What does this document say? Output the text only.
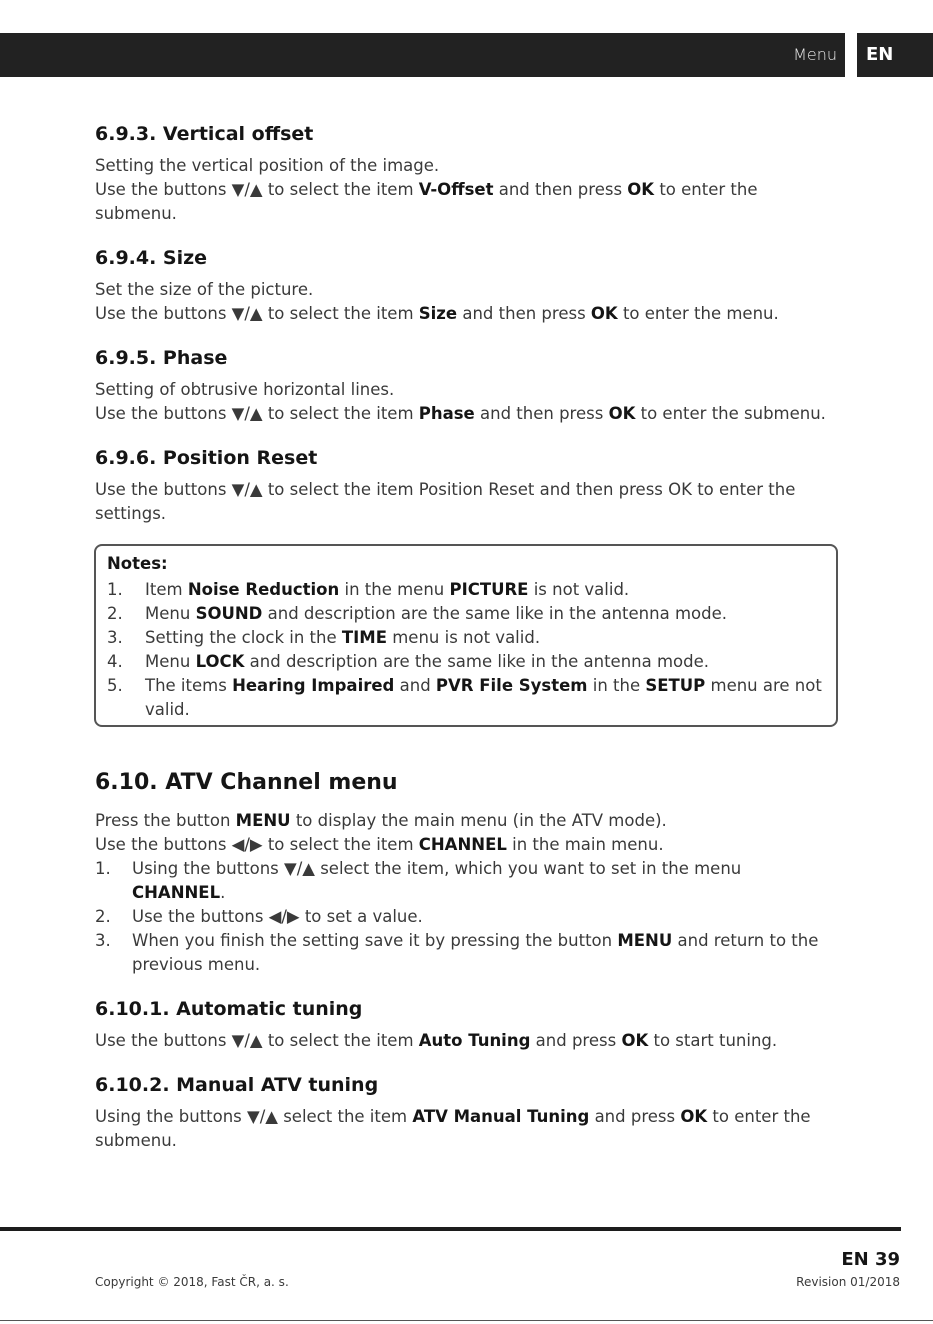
Menu EN
6.9.3. Vertical offset
Setting the vertical position of the image.
Use the buttons ▼/▲ to select the item V-Offset and then press OK to enter the
submenu.
6.9.4. Size
Set the size of the picture.
Use the buttons ▼/▲ to select the item Size and then press OK to enter the menu.
6.9.5. Phase
Setting of obtrusive horizontal lines.
Use the buttons ▼/▲ to select the item Phase and then press OK to enter the submenu.
6.9.6. Position Reset
Use the buttons ▼/▲ to select the item Position Reset and then press OK to enter the
settings.
Notes:
1. Item Noise Reduction in the menu PICTURE is not valid.
2. Menu SOUND and description are the same like in the antenna mode.
3. Setting the clock in the TIME menu is not valid.
4. Menu LOCK and description are the same like in the antenna mode.
5. The items Hearing Impaired and PVR File System in the SETUP menu are not
valid.
6.10. ATV Channel menu
Press the button MENU to display the main menu (in the ATV mode).
Use the buttons ◀/▶ to select the item CHANNEL in the main menu.
1. Using the buttons ▼/▲ select the item, which you want to set in the menu
CHANNEL.
2. Use the buttons ◀/▶ to set a value.
3. When you finish the setting save it by pressing the button MENU and return to the
previous menu.
6.10.1. Automatic tuning
Use the buttons ▼/▲ to select the item Auto Tuning and press OK to start tuning.
6.10.2. Manual ATV tuning
Using the buttons ▼/▲ select the item ATV Manual Tuning and press OK to enter the
submenu.
EN 39
Copyright © 2018, Fast ČR, a. s.	Revision 01/2018
